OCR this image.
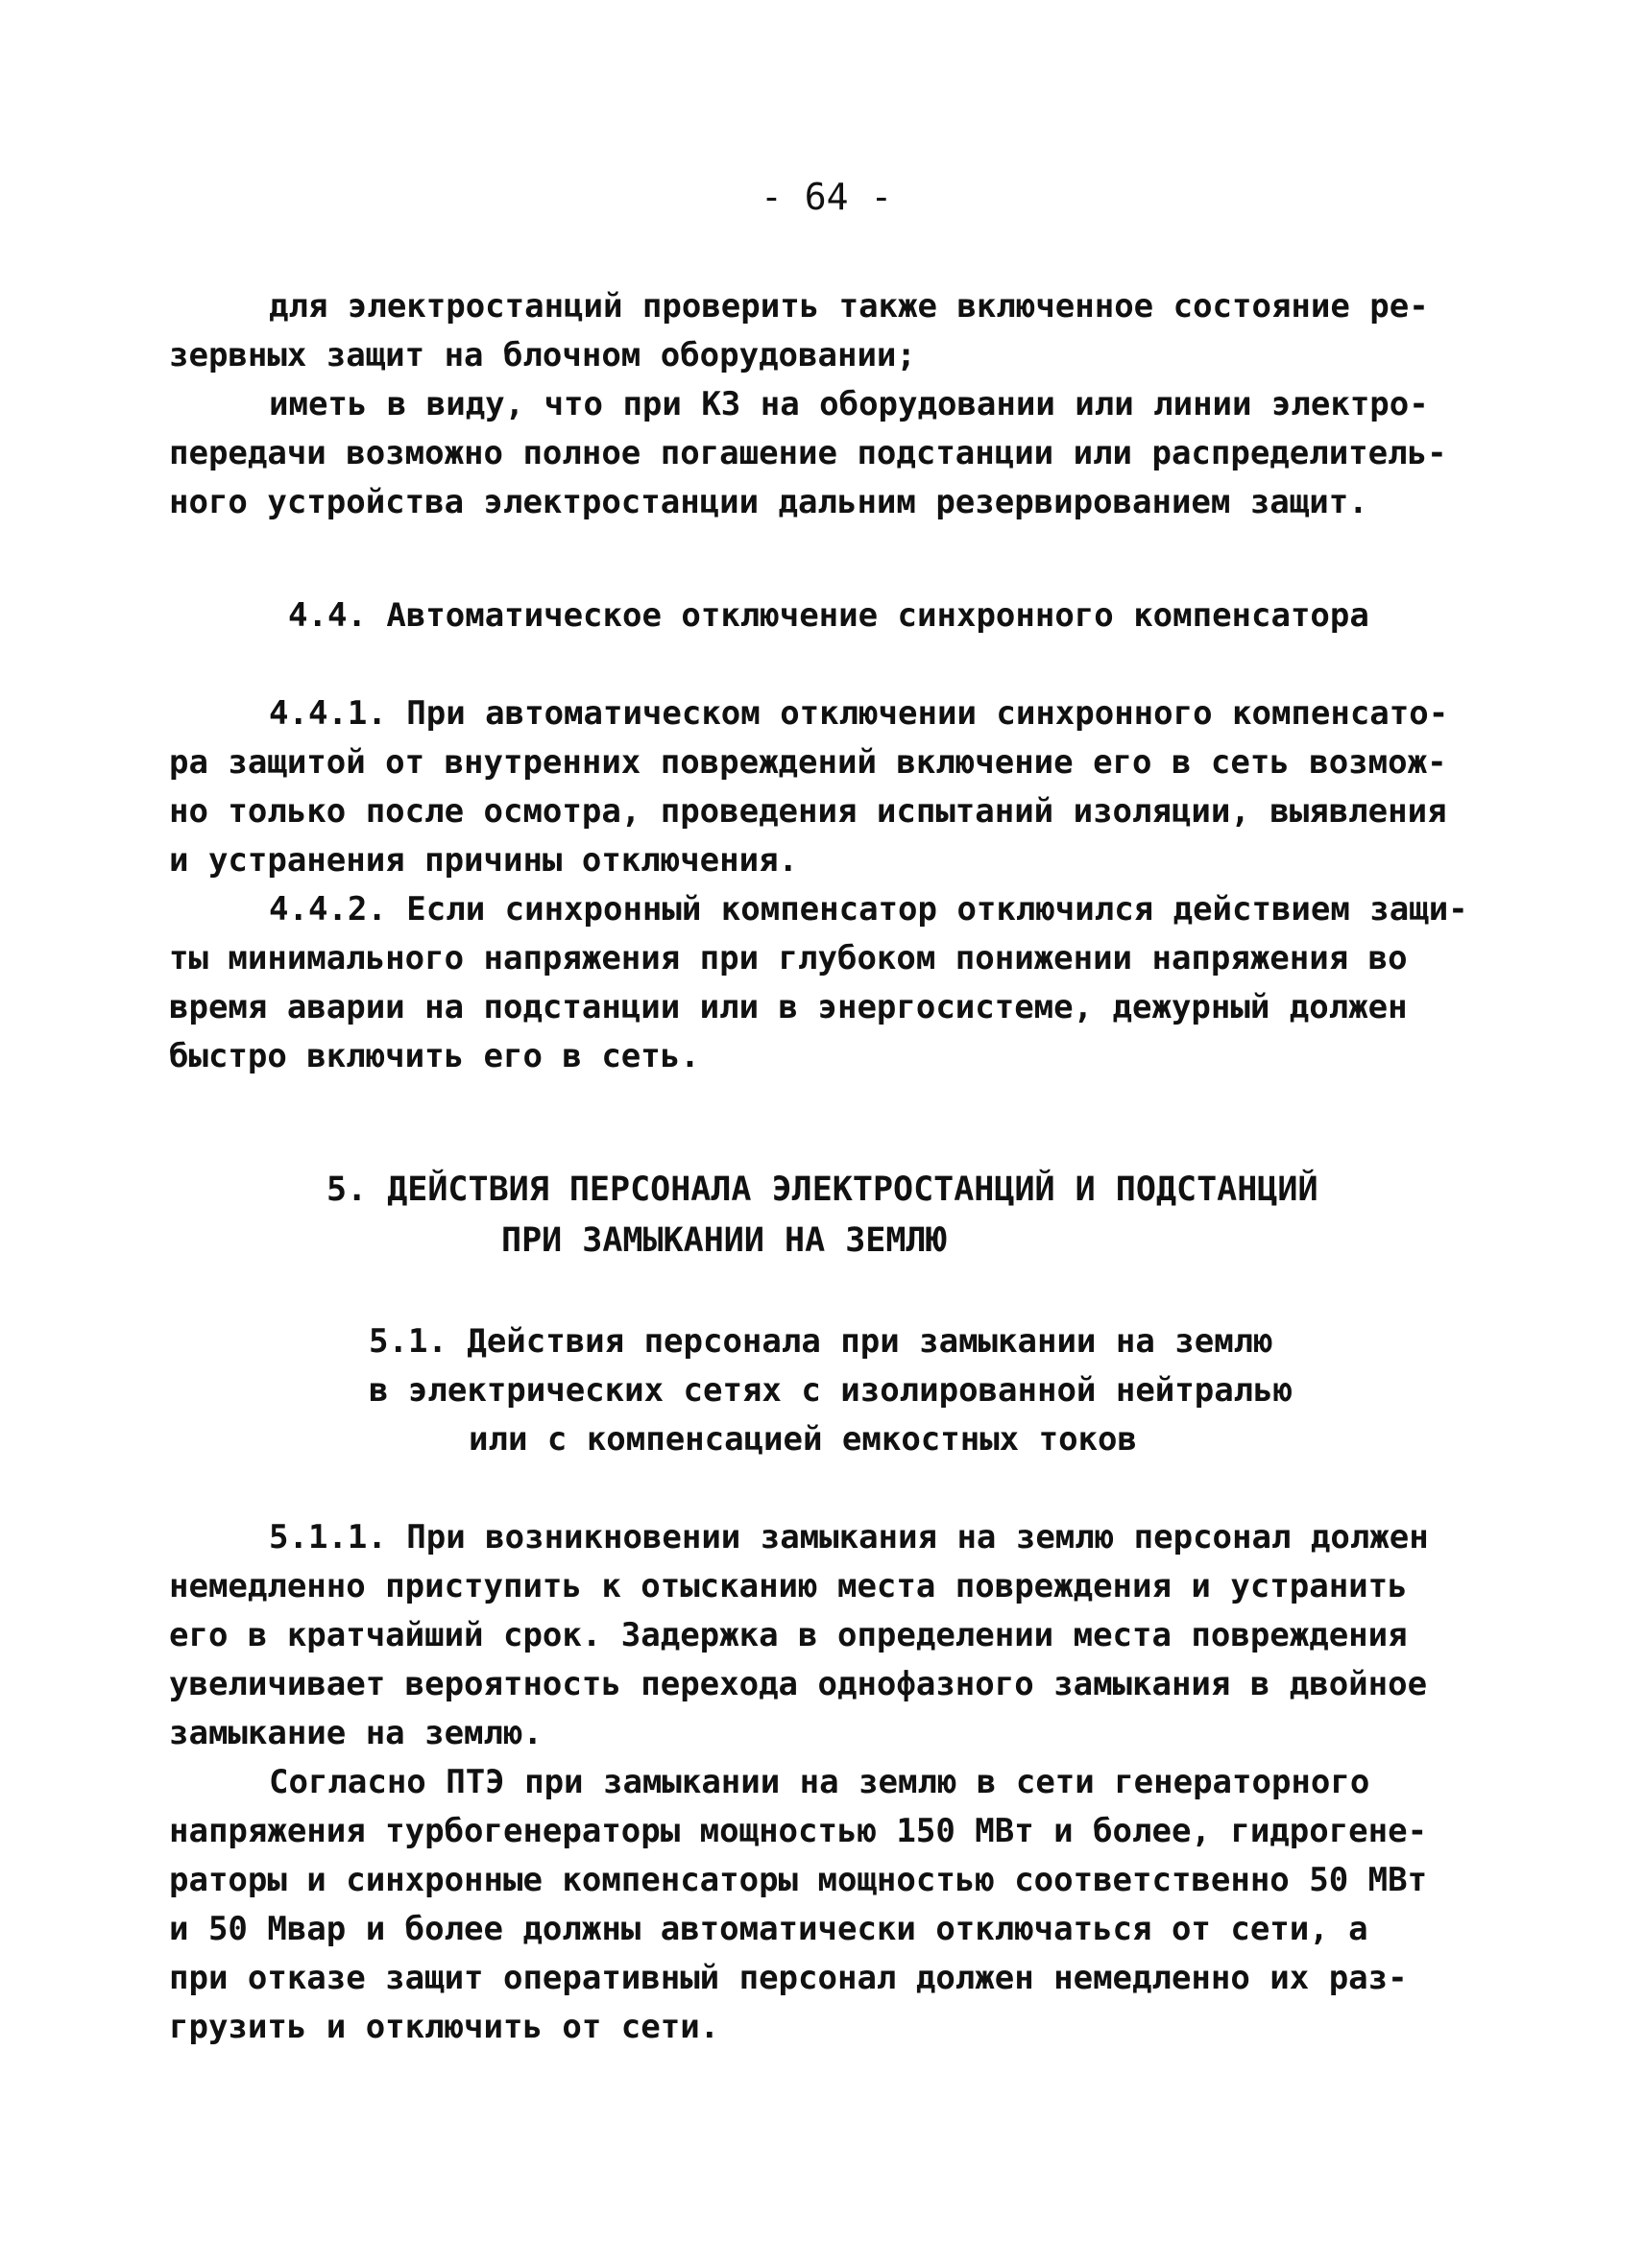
- 64 -
для электростанций проверить также включенное состояние ре-
зервных защит на блочном оборудовании;
иметь в виду, что при КЗ на оборудовании или линии электро-
передачи возможно полное погашение подстанции или распределитель-
ного устройства электростанции дальним резервированием защит.
4.4. Автоматическое отключение синхронного компенсатора
4.4.1. При автоматическом отключении синхронного компенсато-
ра защитой от внутренних повреждений включение его в сеть возмож-
но только после осмотра, проведения испытаний изоляции, выявления
и устранения причины отключения.
4.4.2. Если синхронный компенсатор отключился действием защи-
ты минимального напряжения при глубоком понижении напряжения во
время аварии на подстанции или в энергосистеме, дежурный должен
быстро включить его в сеть.
5. ДЕЙСТВИЯ ПЕРСОНАЛА ЭЛЕКТРОСТАНЦИЙ И ПОДСТАНЦИЙ
ПРИ ЗАМЫКАНИИ НА ЗЕМЛЮ
5.1. Действия персонала при замыкании на землю
в электрических сетях с изолированной нейтралью
или с компенсацией емкостных токов
5.1.1. При возникновении замыкания на землю персонал должен
немедленно приступить к отысканию места повреждения и устранить
его в кратчайший срок. Задержка в определении места повреждения
увеличивает вероятность перехода однофазного замыкания в двойное
замыкание на землю.
Согласно ПТЭ при замыкании на землю в сети генераторного
напряжения турбогенераторы мощностью 150 МВт и более, гидрогене-
раторы и синхронные компенсаторы мощностью соответственно 50 МВт
и 50 Мвар и более должны автоматически отключаться от сети, а
при отказе защит оперативный персонал должен немедленно их раз-
грузить и отключить от сети.
